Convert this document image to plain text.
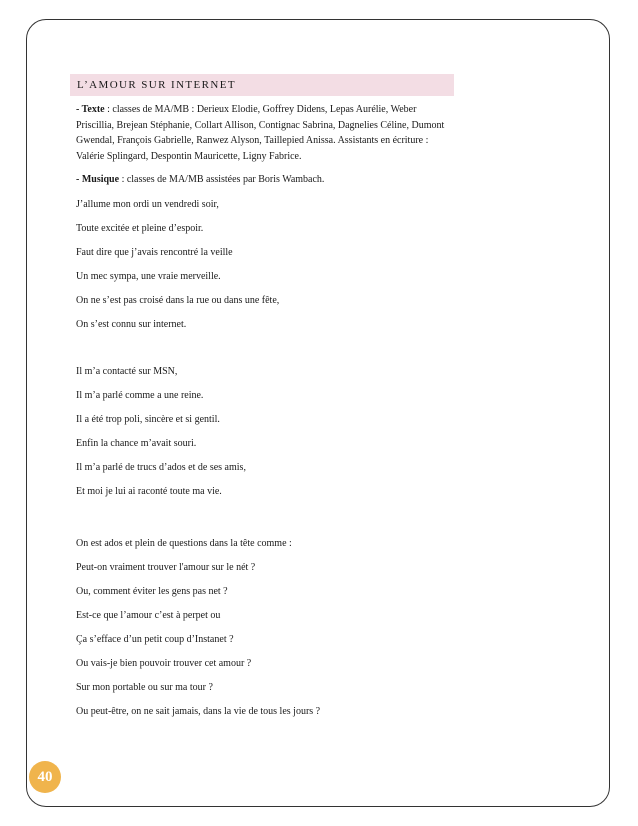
L’AMOUR SUR INTERNET
- Texte : classes de MA/MB : Derieux Elodie, Goffrey Didens, Lepas Aurélie, Weber Priscillia, Brejean Stéphanie, Collart Allison, Contignac Sabrina, Dagnelies Céline, Dumont Gwendal, François Gabrielle, Ranwez Alyson, Taillepied Anissa. Assistants en écriture : Valérie Splingard, Despontin Mauricette, Ligny Fabrice.
- Musique : classes de MA/MB assistées par Boris Wambach.
J’allume mon ordi un vendredi soir,
Toute excitée et pleine d’espoir.
Faut dire que j’avais rencontré la veille
Un mec sympa, une vraie merveille.
On ne s’est pas croisé dans la rue ou dans une fête,
On s’est connu sur internet.
Il m’a contacté sur MSN,
Il m’a parlé comme a une reine.
Il a été trop poli, sincère et si gentil.
Enfin la chance m’avait souri.
Il m’a parlé de trucs d’ados et de ses amis,
Et moi je lui ai raconté toute ma vie.
On est ados et plein de questions dans la tête comme :
Peut-on vraiment trouver l'amour sur le nét ?
Ou, comment éviter les gens pas net ?
Est-ce que l’amour c’est à perpet ou
Ça s’efface d’un petit coup d’Instanet ?
Ou vais-je bien pouvoir trouver cet amour ?
Sur mon portable ou sur ma tour ?
Ou peut-être, on ne sait jamais, dans la vie de tous les jours ?
40
